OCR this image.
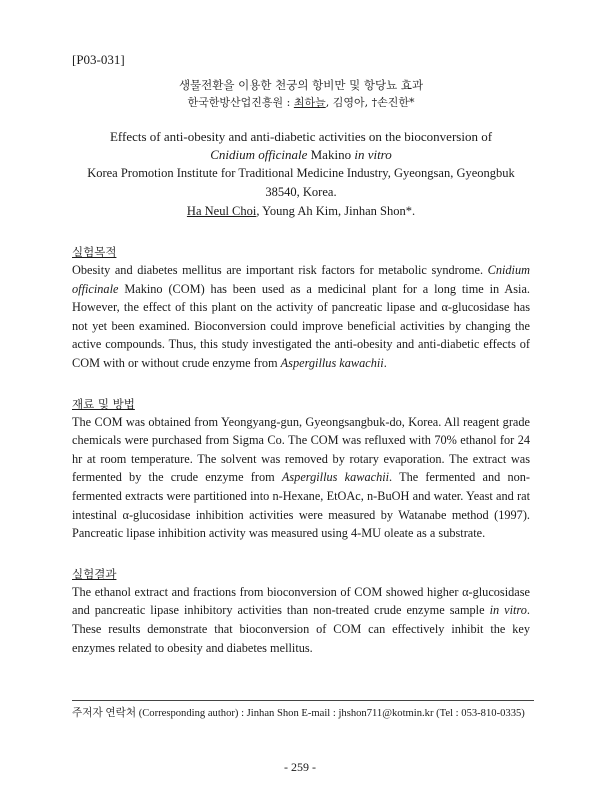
[P03-031]
생물전환을 이용한 천궁의 항비만 및 항당뇨 효과
한국한방산업진흥원 : 최하늘, 김영아, †손진한*
Effects of anti-obesity and anti-diabetic activities on the bioconversion of
Cnidium officinale Makino in vitro
Korea Promotion Institute for Traditional Medicine Industry, Gyeongsan, Gyeongbuk
38540, Korea.
Ha Neul Choi, Young Ah Kim, Jinhan Shon*.
실험목적
Obesity and diabetes mellitus are important risk factors for metabolic syndrome. Cnidium officinale Makino (COM) has been used as a medicinal plant for a long time in Asia. However, the effect of this plant on the activity of pancreatic lipase and α-glucosidase has not yet been examined. Bioconversion could improve beneficial activities by changing the active compounds. Thus, this study investigated the anti-obesity and anti-diabetic effects of COM with or without crude enzyme from Aspergillus kawachii.
재료 및 방법
The COM was obtained from Yeongyang-gun, Gyeongsangbuk-do, Korea. All reagent grade chemicals were purchased from Sigma Co. The COM was refluxed with 70% ethanol for 24 hr at room temperature. The solvent was removed by rotary evaporation. The extract was fermented by the crude enzyme from Aspergillus kawachii. The fermented and non-fermented extracts were partitioned into n-Hexane, EtOAc, n-BuOH and water. Yeast and rat intestinal α-glucosidase inhibition activities were measured by Watanabe method (1997). Pancreatic lipase inhibition activity was measured using 4-MU oleate as a substrate.
실험결과
The ethanol extract and fractions from bioconversion of COM showed higher α-glucosidase and pancreatic lipase inhibitory activities than non-treated crude enzyme sample in vitro. These results demonstrate that bioconversion of COM can effectively inhibit the key enzymes related to obesity and diabetes mellitus.
주저자 연락처 (Corresponding author) : Jinhan Shon E-mail : jhshon711@kotmin.kr (Tel : 053-810-0335)
- 259 -
